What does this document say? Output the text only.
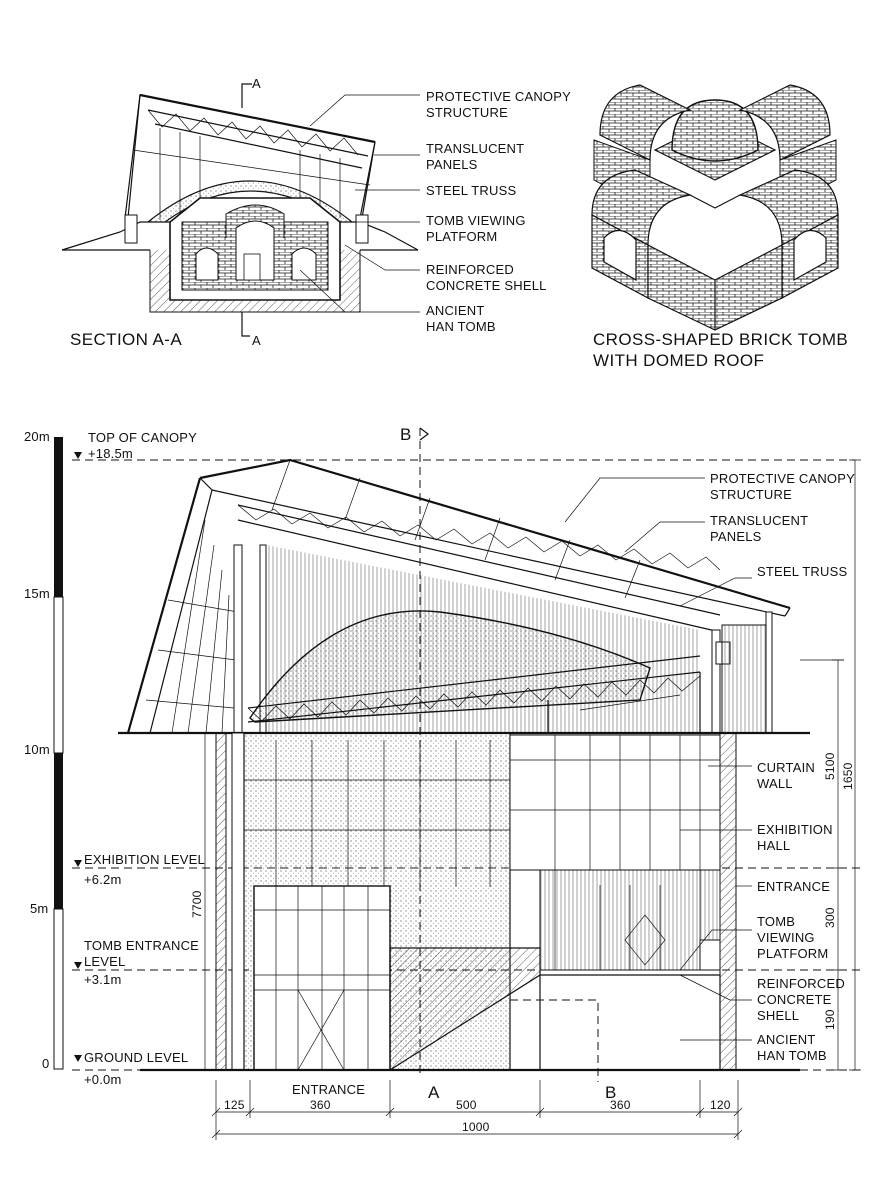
A
A
SECTION A-A
PROTECTIVE CANOPY
STRUCTURE
TRANSLUCENT
PANELS
STEEL TRUSS
TOMB VIEWING
PLATFORM
REINFORCED
CONCRETE SHELL
ANCIENT
HAN TOMB
CROSS-SHAPED BRICK TOMB
WITH DOMED ROOF
20m
15m
10m
5m
0
TOP OF CANOPY
+18.5m
EXHIBITION LEVEL
+6.2m
TOMB ENTRANCE
LEVEL
+3.1m
GROUND LEVEL
+0.0m
B
A	B
PROTECTIVE CANOPY
STRUCTURE
TRANSLUCENT
PANELS
STEEL TRUSS
CURTAIN
WALL
EXHIBITION
HALL
ENTRANCE
TOMB
VIEWING
PLATFORM
REINFORCED
CONCRETE
SHELL
ANCIENT
HAN TOMB
7700
5100
300
190
1650
ENTRANCE
125	360	500	360	120
1000
